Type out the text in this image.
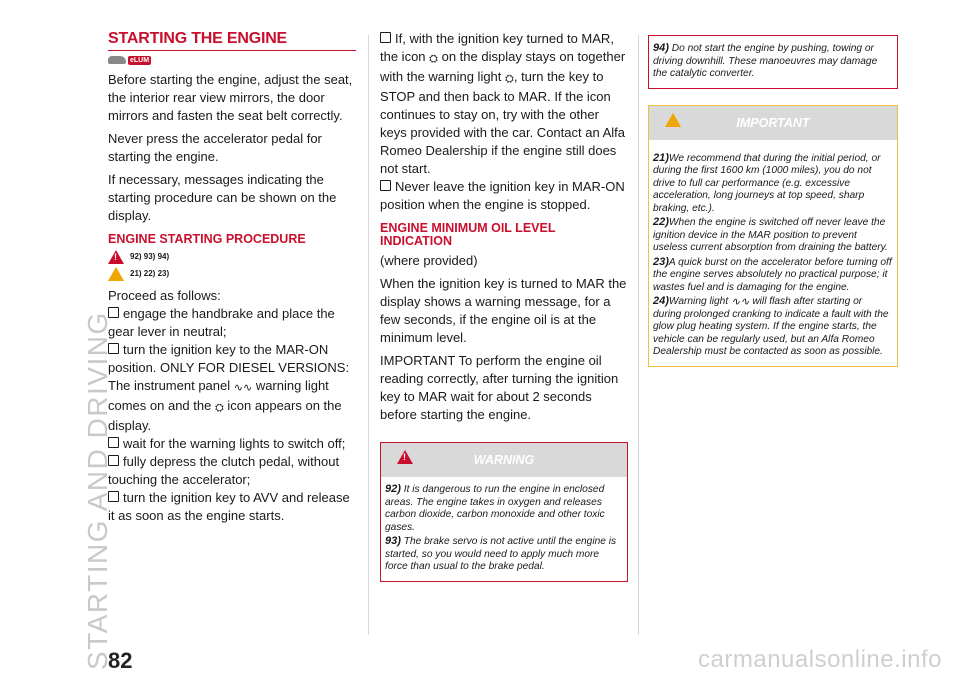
STARTING AND DRIVING
STARTING THE ENGINE
eLUM

Before starting the engine, adjust the seat, the interior rear view mirrors, the door mirrors and fasten the seat belt correctly.

Never press the accelerator pedal for starting the engine.

If necessary, messages indicating the starting procedure can be shown on the display.

ENGINE STARTING PROCEDURE
!
92) 93) 94)
21) 22) 23)

Proceed as follows:

engage the handbrake and place the gear lever in neutral;
turn the ignition key to the MAR-ON position. ONLY FOR DIESEL VERSIONS: The instrument panel ∿∿ warning light comes on and the ⛭ icon appears on the display.
wait for the warning lights to switch off;
fully depress the clutch pedal, without touching the accelerator;
turn the ignition key to AVV and release it as soon as the engine starts.
If, with the ignition key turned to MAR, the icon ⛭ on the display stays on together with the warning light ⛭, turn the key to STOP and then back to MAR. If the icon continues to stay on, try with the other keys provided with the car. Contact an Alfa Romeo Dealership if the engine still does not start.
Never leave the ignition key in MAR-ON position when the engine is stopped.
ENGINE MINIMUM OIL LEVEL INDICATION

(where provided)

When the ignition key is turned to MAR the display shows a warning message, for a few seconds, if the engine oil is at the minimum level.

IMPORTANT To perform the engine oil reading correctly, after turning the ignition key to MAR wait for about 2 seconds before starting the engine.

!
WARNING
92) It is dangerous to run the engine in enclosed areas. The engine takes in oxygen and releases carbon dioxide, carbon monoxide and other toxic gases.
93) The brake servo is not active until the engine is started, so you would need to apply much more force than usual to the brake pedal.
94) Do not start the engine by pushing, towing or driving downhill. These manoeuvres may damage the catalytic converter.
IMPORTANT
21)We recommend that during the initial period, or during the first 1600 km (1000 miles), you do not drive to full car performance (e.g. excessive acceleration, long journeys at top speed, sharp braking, etc.).
22)When the engine is switched off never leave the ignition device in the MAR position to prevent useless current absorption from draining the battery.
23)A quick burst on the accelerator before turning off the engine serves absolutely no practical purpose; it wastes fuel and is damaging for the engine.
24)Warning light ∿∿ will flash after starting or during prolonged cranking to indicate a fault with the glow plug heating system. If the engine starts, the vehicle can be regularly used, but an Alfa Romeo Dealership must be contacted as soon as possible.
82	carmanualsonline.info
